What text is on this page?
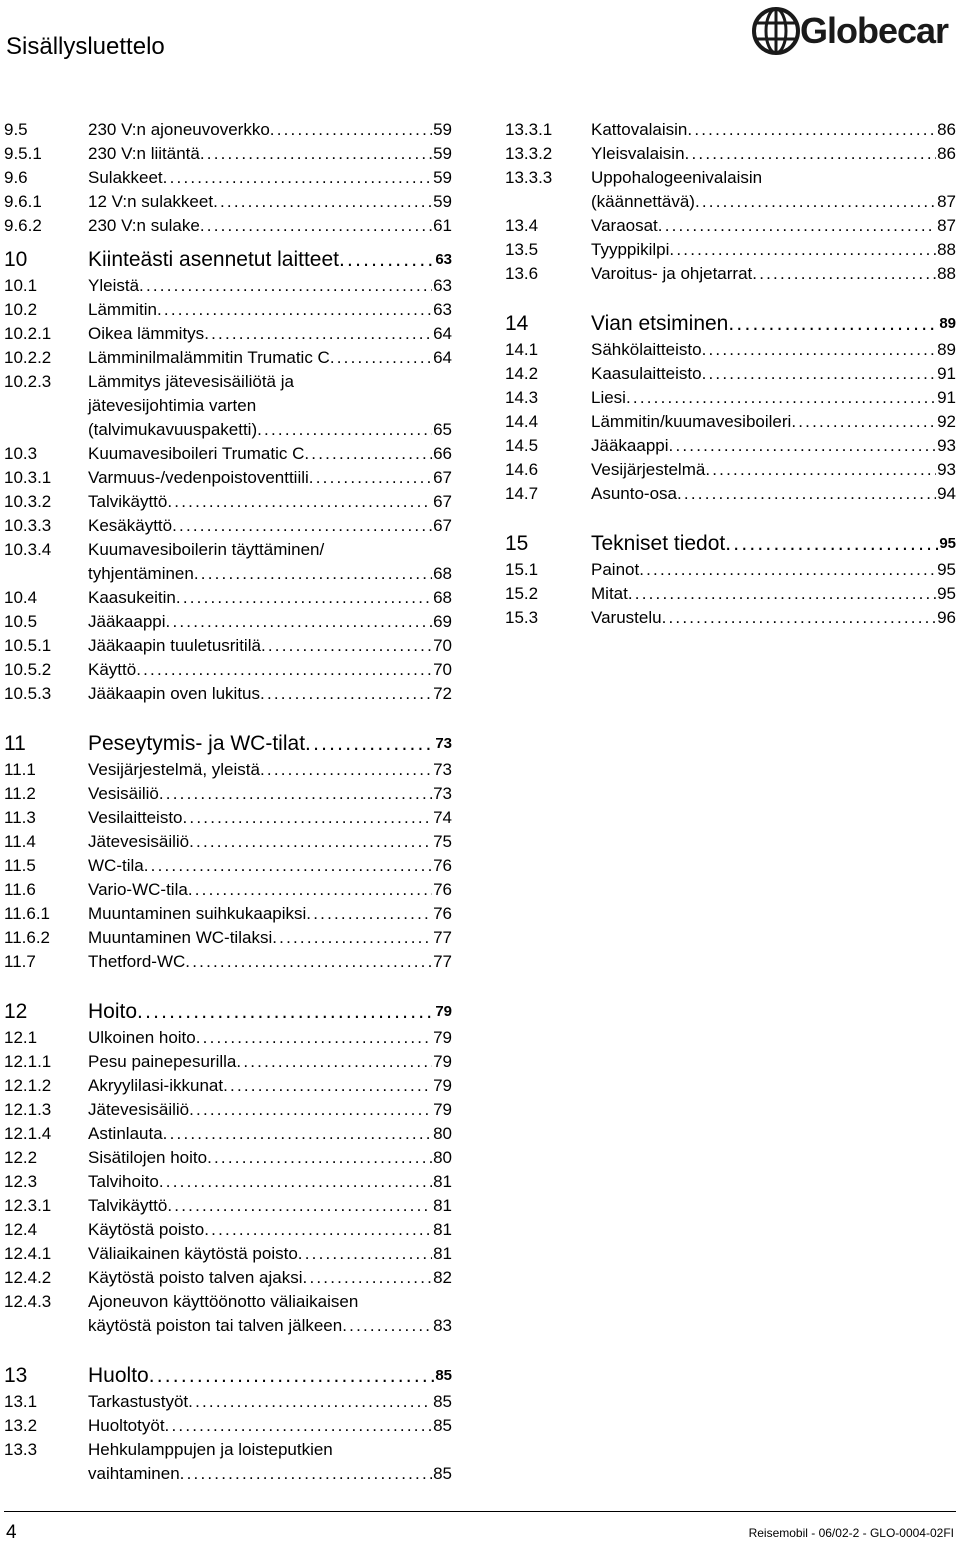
Sisällysluettelo	Globecar
9.5	230 V:n ajoneuvoverkko .....	59
9.5.1	230 V:n liitäntä .....	59
9.6	Sulakkeet .....	59
9.6.1	12 V:n sulakkeet .....	59
9.6.2	230 V:n sulake .....	61
10	Kiinteästi asennetut laitteet .....	63
10.1	Yleistä .....	63
10.2	Lämmitin .....	63
10.2.1 Oikea lämmitys .....	64
10.2.2 Lämminilmalämmitin Trumatic C .....	64
10.2.3 Lämmitys jätevesisäiliötä ja
jätevesijohtimia varten
(talvimukavuuspaketti) .....	65
10.3	Kuumavesiboileri Trumatic C .....	66
10.3.1 Varmuus-/vedenpoistoventtiili .....	67
10.3.2 Talvikäyttö .....	67
10.3.3 Kesäkäyttö .....	67
10.3.4 Kuumavesiboilerin täyttäminen/
tyhjentäminen .....	68
10.4	Kaasukeitin .....	68
10.5	Jääkaappi .....	69
10.5.1 Jääkaapin tuuletusritilä .....	70
10.5.2 Käyttö .....	70
10.5.3 Jääkaapin oven lukitus .....	72
11	Peseytymis- ja WC-tilat .....	73
11.1	Vesijärjestelmä, yleistä .....	73
11.2	Vesisäiliö .....	73
11.3	Vesilaitteisto .....	74
11.4	Jätevesisäiliö .....	75
11.5	WC-tila .....	76
11.6	Vario-WC-tila .....	76
11.6.1 Muuntaminen suihkukaapiksi .....	76
11.6.2 Muuntaminen WC-tilaksi .....	77
11.7	Thetford-WC .....	77
12	Hoito .....	79
12.1	Ulkoinen hoito .....	79
12.1.1 Pesu painepesurilla .....	79
12.1.2 Akryylilasi-ikkunat .....	79
12.1.3 Jätevesisäiliö .....	79
12.1.4 Astinlauta .....	80
12.2	Sisätilojen hoito .....	80
12.3	Talvihoito .....	81
12.3.1 Talvikäyttö .....	81
12.4	Käytöstä poisto .....	81
12.4.1 Väliaikainen käytöstä poisto .....	81
12.4.2 Käytöstä poisto talven ajaksi .....	82
12.4.3 Ajoneuvon käyttöönotto väliaikaisen
käytöstä poiston tai talven jälkeen .....	83
13	Huolto .....	85
13.1	Tarkastustyöt .....	85
13.2	Huoltotyöt .....	85
13.3	Hehkulamppujen ja loisteputkien
vaihtaminen .....	85
13.3.1 Kattovalaisin .....	86
13.3.2 Yleisvalaisin .....	86
13.3.3 Uppohalogeenivalaisin
(käännettävä) .....	87
13.4	Varaosat .....	87
13.5	Tyyppikilpi .....	88
13.6	Varoitus- ja ohjetarrat .....	88
14	Vian etsiminen .....	89
14.1	Sähkölaitteisto .....	89
14.2	Kaasulaitteisto .....	91
14.3	Liesi .....	91
14.4	Lämmitin/kuumavesiboileri .....	92
14.5	Jääkaappi .....	93
14.6	Vesijärjestelmä .....	93
14.7	Asunto-osa .....	94
15	Tekniset tiedot .....	95
15.1	Painot .....	95
15.2	Mitat .....	95
15.3	Varustelu .....	96
4	Reisemobil - 06/02-2 - GLO-0004-02FI
